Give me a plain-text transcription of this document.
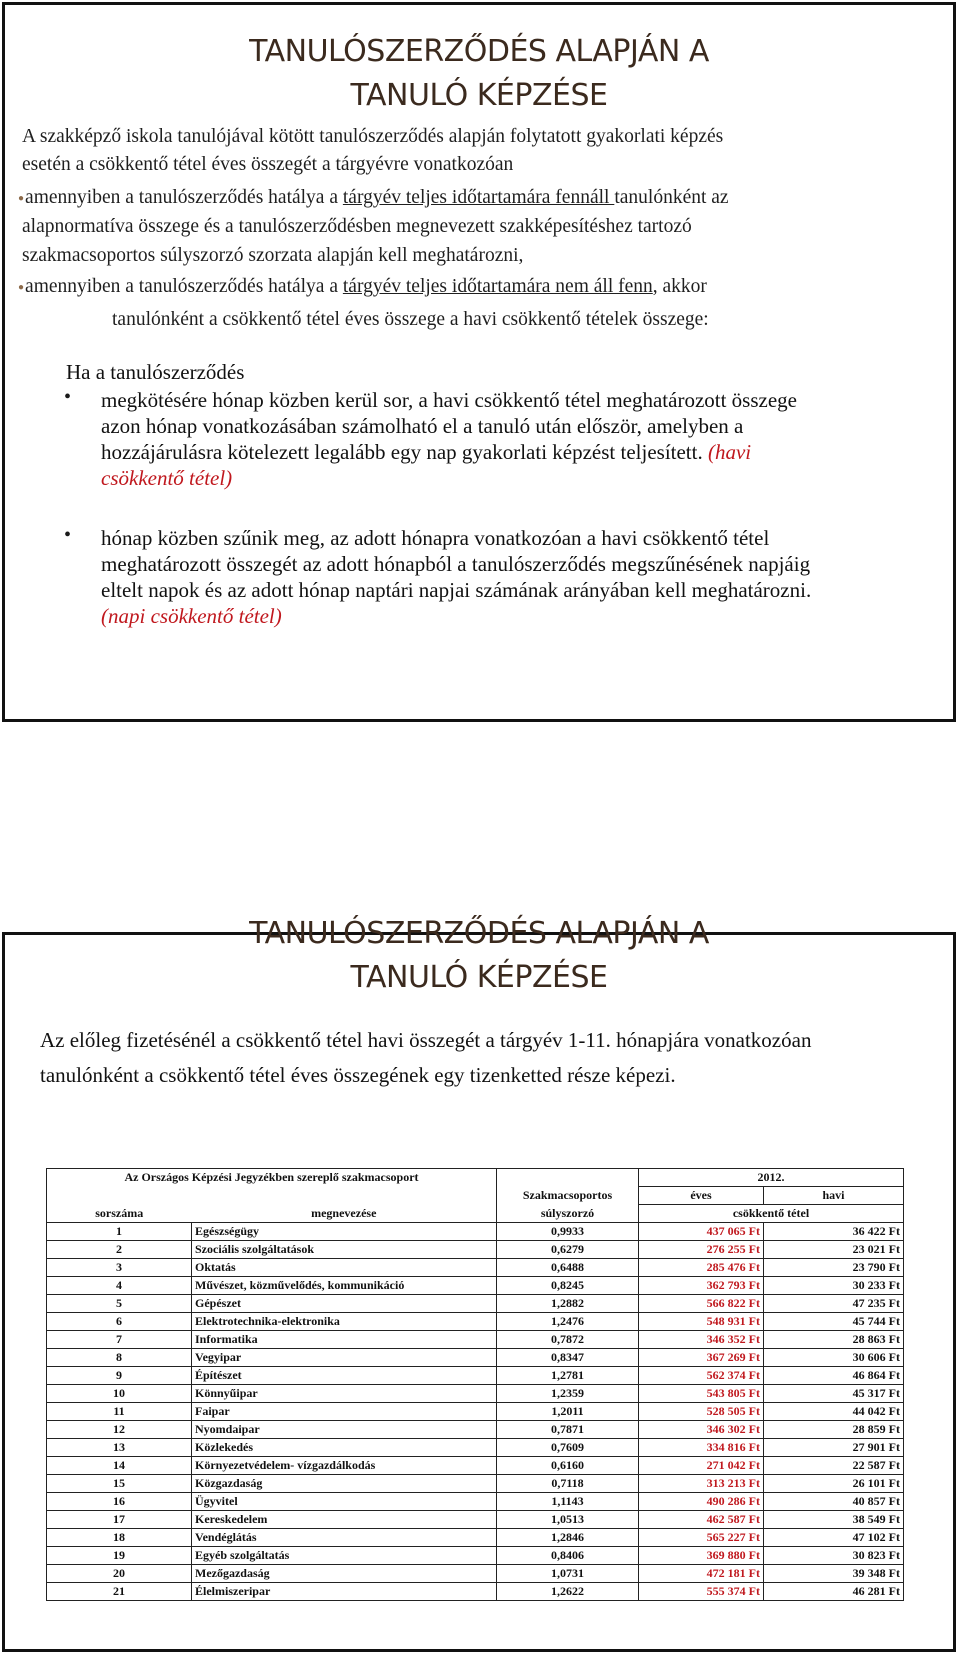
TANULÓSZERZŐDÉS ALAPJÁN A
TANULÓ KÉPZÉSE
A szakképző iskola tanulójával kötött tanulószerződés alapján folytatott gyakorlati képzés
esetén a csökkentő tétel éves összegét a tárgyévre vonatkozóan
●amennyiben a tanulószerződés hatálya a tárgyév teljes időtartamára fennáll tanulónként az
alapnormatíva összege és a tanulószerződésben megnevezett szakképesítéshez tartozó
szakmacsoportos súlyszorzó szorzata alapján kell meghatározni,
●amennyiben a tanulószerződés hatálya a tárgyév teljes időtartamára nem áll fenn, akkor
tanulónként a csökkentő tétel éves összege a havi csökkentő tételek összege:
Ha a tanulószerződés
• megkötésére hónap közben kerül sor, a havi csökkentő tétel meghatározott összege
azon hónap vonatkozásában számolható el a tanuló után először, amelyben a
hozzájárulásra kötelezett legalább egy nap gyakorlati képzést teljesített. (havi
csökkentő tétel)
• hónap közben szűnik meg, az adott hónapra vonatkozóan a havi csökkentő tétel
meghatározott összegét az adott hónapból a tanulószerződés megszűnésének napjáig
eltelt napok és az adott hónap naptári napjai számának arányában kell meghatározni.
(napi csökkentő tétel)
TANULÓSZERZŐDÉS ALAPJÁN A
TANULÓ KÉPZÉSE
Az előleg fizetésénél a csökkentő tétel havi összegét a tárgyév 1-11. hónapjára vonatkozóan
tanulónként a csökkentő tétel éves összegének egy tizenketted része képezi.
Az Országos Képzési Jegyzékben szereplő szakmacsoport			2012.	
		Szakmacsoportos	éves	havi
sorszáma	megnevezése	súlyszorzó	csökkentő tétel	
1	Egészségügy	0,9933	437 065 Ft	36 422 Ft
2	Szociális szolgáltatások	0,6279	276 255 Ft	23 021 Ft
3	Oktatás	0,6488	285 476 Ft	23 790 Ft
4	Művészet, közművelődés, kommunikáció	0,8245	362 793 Ft	30 233 Ft
5	Gépészet	1,2882	566 822 Ft	47 235 Ft
6	Elektrotechnika-elektronika	1,2476	548 931 Ft	45 744 Ft
7	Informatika	0,7872	346 352 Ft	28 863 Ft
8	Vegyipar	0,8347	367 269 Ft	30 606 Ft
9	Építészet	1,2781	562 374 Ft	46 864 Ft
10	Könnyűipar	1,2359	543 805 Ft	45 317 Ft
11	Faipar	1,2011	528 505 Ft	44 042 Ft
12	Nyomdaipar	0,7871	346 302 Ft	28 859 Ft
13	Közlekedés	0,7609	334 816 Ft	27 901 Ft
14	Környezetvédelem- vízgazdálkodás	0,6160	271 042 Ft	22 587 Ft
15	Közgazdaság	0,7118	313 213 Ft	26 101 Ft
16	Ügyvitel	1,1143	490 286 Ft	40 857 Ft
17	Kereskedelem	1,0513	462 587 Ft	38 549 Ft
18	Vendéglátás	1,2846	565 227 Ft	47 102 Ft
19	Egyéb szolgáltatás	0,8406	369 880 Ft	30 823 Ft
20	Mezőgazdaság	1,0731	472 181 Ft	39 348 Ft
21	Élelmiszeripar	1,2622	555 374 Ft	46 281 Ft
